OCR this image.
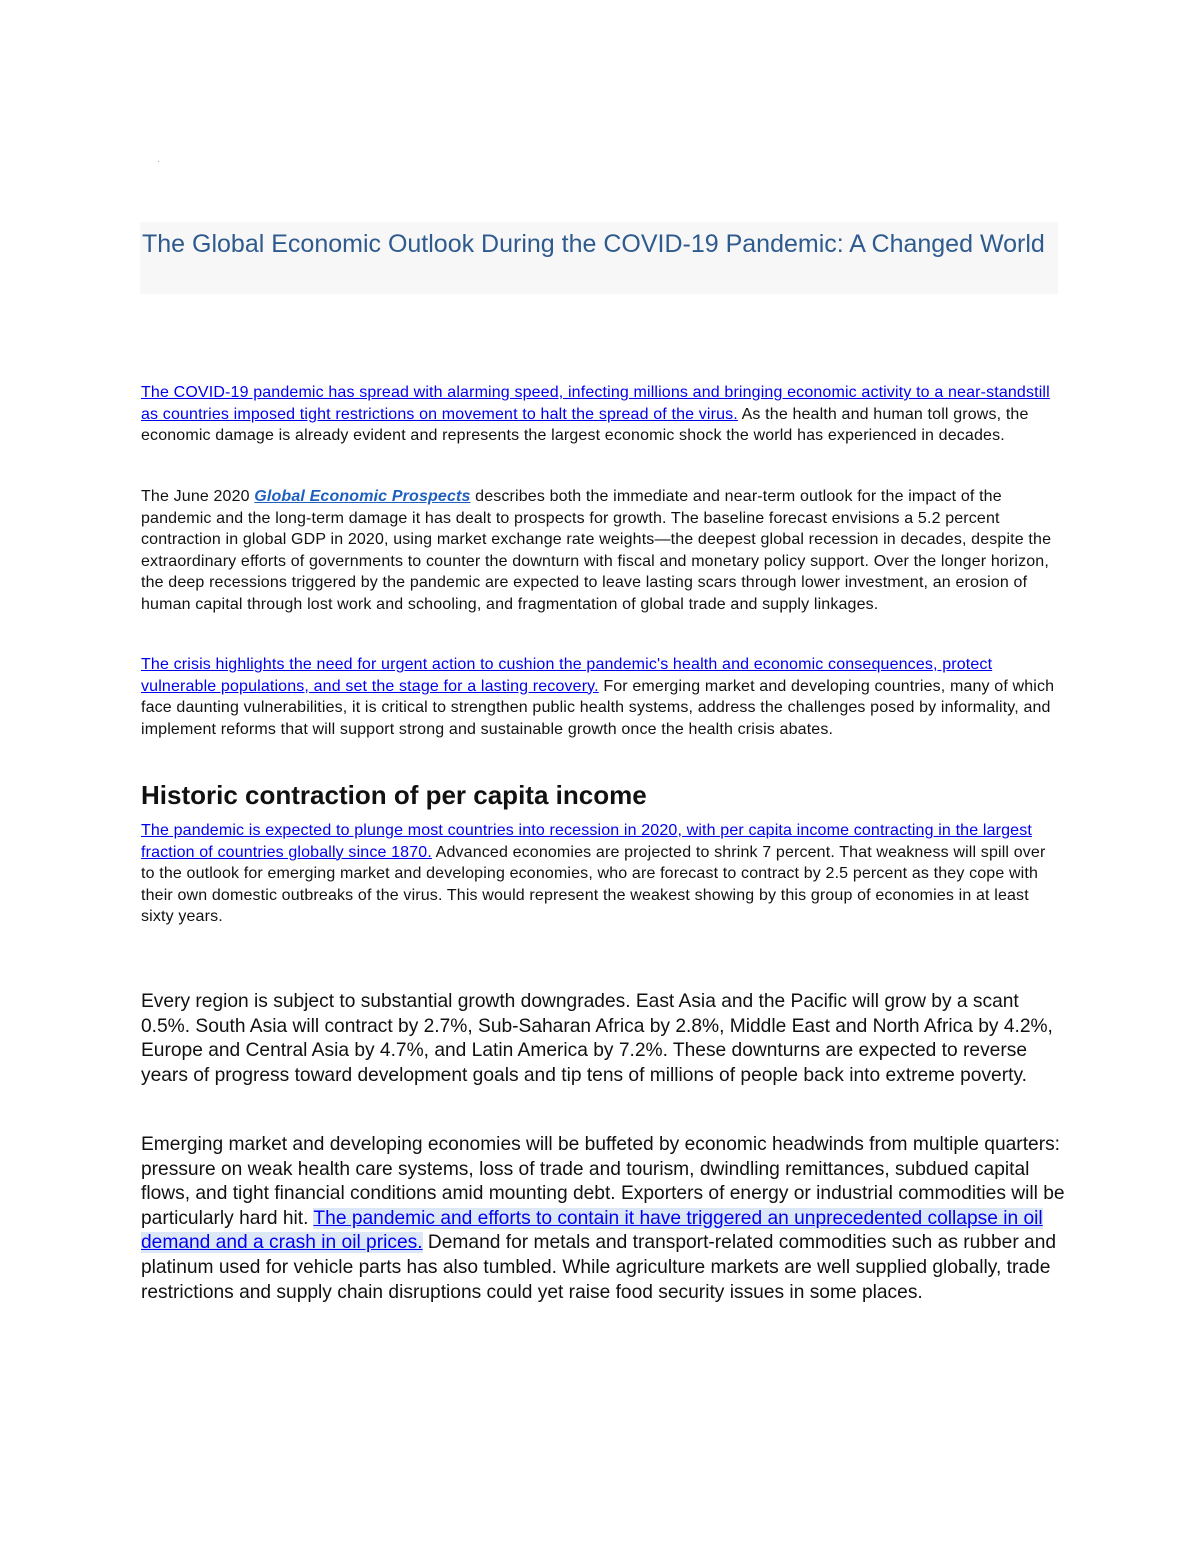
·
The Global Economic Outlook During the COVID-19 Pandemic: A Changed World

The COVID-19 pandemic has spread with alarming speed, infecting millions and bringing economic activity to a near-standstill as countries imposed tight restrictions on movement to halt the spread of the virus. As the health and human toll grows, the economic damage is already evident and represents the largest economic shock the world has experienced in decades.

The June 2020 Global Economic Prospects describes both the immediate and near-term outlook for the impact of the pandemic and the long-term damage it has dealt to prospects for growth. The baseline forecast envisions a 5.2 percent contraction in global GDP in 2020, using market exchange rate weights—the deepest global recession in decades, despite the extraordinary efforts of governments to counter the downturn with fiscal and monetary policy support. Over the longer horizon, the deep recessions triggered by the pandemic are expected to leave lasting scars through lower investment, an erosion of human capital through lost work and schooling, and fragmentation of global trade and supply linkages.

The crisis highlights the need for urgent action to cushion the pandemic's health and economic consequences, protect vulnerable populations, and set the stage for a lasting recovery. For emerging market and developing countries, many of which face daunting vulnerabilities, it is critical to strengthen public health systems, address the challenges posed by informality, and implement reforms that will support strong and sustainable growth once the health crisis abates.

Historic contraction of per capita income

The pandemic is expected to plunge most countries into recession in 2020, with per capita income contracting in the largest fraction of countries globally since 1870. Advanced economies are projected to shrink 7 percent. That weakness will spill over to the outlook for emerging market and developing economies, who are forecast to contract by 2.5 percent as they cope with their own domestic outbreaks of the virus. This would represent the weakest showing by this group of economies in at least sixty years.

Every region is subject to substantial growth downgrades. East Asia and the Pacific will grow by a scant 0.5%. South Asia will contract by 2.7%, Sub-Saharan Africa by 2.8%, Middle East and North Africa by 4.2%, Europe and Central Asia by 4.7%, and Latin America by 7.2%. These downturns are expected to reverse years of progress toward development goals and tip tens of millions of people back into extreme poverty.

Emerging market and developing economies will be buffeted by economic headwinds from multiple quarters: pressure on weak health care systems, loss of trade and tourism, dwindling remittances, subdued capital flows, and tight financial conditions amid mounting debt. Exporters of energy or industrial commodities will be particularly hard hit. The pandemic and efforts to contain it have triggered an unprecedented collapse in oil demand and a crash in oil prices. Demand for metals and transport-related commodities such as rubber and platinum used for vehicle parts has also tumbled. While agriculture markets are well supplied globally, trade restrictions and supply chain disruptions could yet raise food security issues in some places.
